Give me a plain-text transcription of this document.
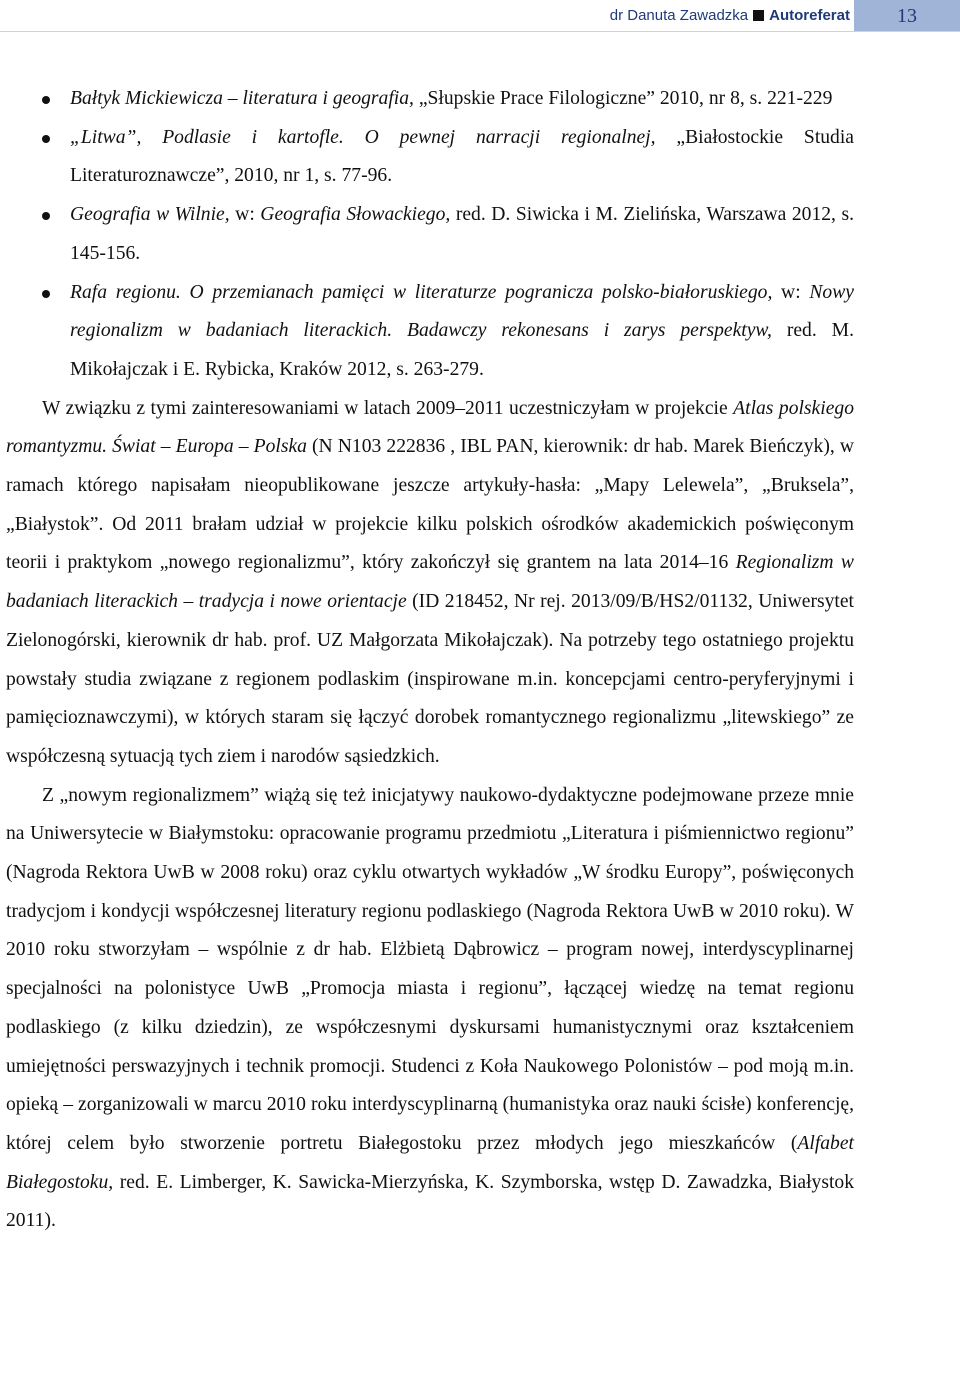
dr Danuta Zawadzka Autoreferat	13
Bałtyk Mickiewicza – literatura i geografia, „Słupskie Prace Filologiczne” 2010, nr 8, s. 221-229
„Litwa”, Podlasie i kartofle. O pewnej narracji regionalnej, „Białostockie Studia Literaturoznawcze”, 2010, nr 1, s. 77-96.
Geografia w Wilnie, w: Geografia Słowackiego, red. D. Siwicka i M. Zielińska, Warszawa 2012, s. 145-156.
Rafa regionu. O przemianach pamięci w literaturze pogranicza polsko-białoruskiego, w: Nowy regionalizm w badaniach literackich. Badawczy rekonesans i zarys perspektyw, red. M. Mikołajczak i E. Rybicka, Kraków 2012, s. 263-279.

W związku z tymi zainteresowaniami w latach 2009–2011 uczestniczyłam w projekcie Atlas polskiego romantyzmu. Świat – Europa – Polska (N N103 222836 , IBL PAN, kierownik: dr hab. Marek Bieńczyk), w ramach którego napisałam nieopublikowane jeszcze artykuły-hasła: „Mapy Lelewela”, „Bruksela”, „Białystok”. Od 2011 brałam udział w projekcie kilku polskich ośrodków akademickich poświęconym teorii i praktykom „nowego regionalizmu”, który zakończył się grantem na lata 2014–16 Regionalizm w badaniach literackich – tradycja i nowe orientacje (ID 218452, Nr rej. 2013/09/B/HS2/01132, Uniwersytet Zielonogórski, kierownik dr hab. prof. UZ Małgorzata Mikołajczak). Na potrzeby tego ostatniego projektu powstały studia związane z regionem podlaskim (inspirowane m.in. koncepcjami centro-peryferyjnymi i pamięcioznawczymi), w których staram się łączyć dorobek romantycznego regionalizmu „litewskiego” ze współczesną sytuacją tych ziem i narodów sąsiedzkich.

Z „nowym regionalizmem” wiążą się też inicjatywy naukowo-dydaktyczne podejmowane przeze mnie na Uniwersytecie w Białymstoku: opracowanie programu przedmiotu „Literatura i piśmiennictwo regionu” (Nagroda Rektora UwB w 2008 roku) oraz cyklu otwartych wykładów „W środku Europy”, poświęconych tradycjom i kondycji współczesnej literatury regionu podlaskiego (Nagroda Rektora UwB w 2010 roku). W 2010 roku stworzyłam – wspólnie z dr hab. Elżbietą Dąbrowicz – program nowej, interdyscyplinarnej specjalności na polonistyce UwB „Promocja miasta i regionu”, łączącej wiedzę na temat regionu podlaskiego (z kilku dziedzin), ze współczesnymi dyskursami humanistycznymi oraz kształceniem umiejętności perswazyjnych i technik promocji. Studenci z Koła Naukowego Polonistów – pod moją m.in. opieką – zorganizowali w marcu 2010 roku interdyscyplinarną (humanistyka oraz nauki ścisłe) konferencję, której celem było stworzenie portretu Białegostoku przez młodych jego mieszkańców (Alfabet Białegostoku, red. E. Limberger, K. Sawicka-Mierzyńska, K. Szymborska, wstęp D. Zawadzka, Białystok 2011).
